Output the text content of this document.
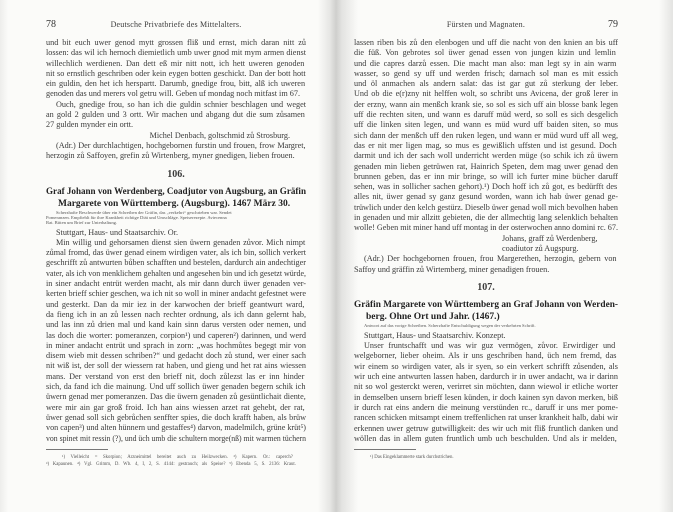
78	Deutsche Privatbriefe des Mittelalters.
und bit euch uwer genod mytt grossen fliß und ernst, mich daran nitt zů
lossen: das wil ich hernoch diemietlich umb uwer gnod mit mym armen dienst
willechlich werdienen. Dan dett eß mir nitt nott, ich hett uweren genoden
nit so ernstlich geschriben oder kein eygen botten geschickt. Dan der bott hott
ein guldin, den het ich herspartt. Darumb, gnedige frou, bitt, alß ich uweren
genoden das und merers vol getru will. Geben uf mondag noch mitfast im 67.
Ouch, gnedige frou, so han ich die guldin schnier beschlagen und weget
an gold 2 gulden und 3 ortt. Wir machen und abgang dut die sum zůsamen
27 gulden mynder ein ortt.
Michel Denbach, goltschmid zů Strosburg.
(Adr.) Der durchlachtigen, hochgebornen furstin und frouen, frow Margret,
herzogin zů Saffoyen, grefin zů Wirtenberg, myner gnedigen, lieben frouen.
106.
Graf Johann von Werdenberg, Coadjutor von Augsburg, an Gräfin
Margarete von Württemberg. (Augsburg). 1467 März 30.
Scherzhafte Beschwerde über ein Schreiben der Gräfin, das „verkehrt“ geschrieben war. Sendet
Pomeranzen. Empfiehlt für ihre Krankheit richtige Diät und Umschläge. Speiserezepte. Aviecenna
Rat. Bitten um Brief zur Unterhaltung.
Stuttgart, Haus- und Staatsarchiv. Or.
Min willig und gehorsamen dienst sien üwern genaden zůvor. Mich nimpt
zůmal fromd, das üwer genad einem wirdigen vater, als ich bin, sollich verkert
geschrifft zů antwurten bůben schafften und bestelen, dardurch ain andechtiger
vater, als ich von menklichem gehalten und angesehen bin und ich gesetzt würde,
in siner andacht entrüt werden macht, als mir dann durch üwer genaden ver-
kerten brieff schier geschen, wa ich nit so woll in miner andacht gefestnet were
und gesterkt. Dan da mir iez in der karwochen der brieff geantwurt ward,
da fieng ich in an zů lessen nach rechter ordnung, als ich dann gelernt hab,
und las inn zů drien mal und kand kain sinn darus versten oder nemen, und
las doch die worter: pomeranzen, corpion¹) und caperen²) darinnen, und werd
in miner andacht entrüt und sprach in zorn: „was hochmůtes begegt mir von
disem wieb mit dessen schriben?“ und gedacht doch zů stund, wer einer sach
nit wiß ist, der soll der wiessern rat haben, und gieng und het rat ains wiessen
mans. Der verstand von erst den brieff nit, doch zůlezst las er inn hinder
sich, da fand ich die mainung. Und uff sollich üwer genaden begern schik ich
üwern genad mer pomeranzen. Das die üwern genaden zů gesüntlichait diente,
were mir ain gar groß froid. Ich han ains wiessen arzet rat gehebt, der rat,
üwer genad soll sich gebrůchen senffter spies, die doch krafft haben, als brüw
von capen³) und alten hünnern und gestaffes⁴) darvon, madelmilch, grüne krüt⁵)
von spinet mit ressin (?), und üch umb die schultern morge(nß) mit warmen tüchern
¹) Vielleicht = Skorpion; Arzneimittel bereitet auch zu Heilzwecken. ²) Kapern. Or.: caperch?
³) Kapaunen. ⁴) Vgl. Grimm, D. Wb. 4, I, 2, S. 4144: gestrauch; als Speise? ⁵) Ebenda 5, S. 2136: Kraut.
79
Fürsten und Magnaten.
lassen riben bis zů den elenbogen und uff die nacht von den knien an bis uff
die füß. Von gebrotes sol üwer genad essen von jungen kizin und lemlin
und die capres darzů essen. Die macht man also: man legt sy in ain warm
wasser, so gend sy uff und werden frisch; darnach sol man es mit essich
und öl anmachen als andern salat: das ist gar gut zů sterkung der leber.
Und ob die e(r)zny nit helffen wolt, so schribt uns Avicena, der groß lerer in
der erzny, wann ain menßch krank sie, so sol es sich uff ain blosse bank legen
uff die rechten siten, und wann es daruff müd werd, so soll es sich desgelich
uff die linken siten legen, und wann es müd wurd uff baiden siten, so mus
sich dann der menßch uff den ruken legen, und wann er müd wurd uff all weg,
das er nit mer ligen mag, so mus es gewißlich uffsten und ist gesund. Doch
darmit und ich der sach woll underricht werden müge (so schik ich zů üwern
genaden min lieben getrüwen rat, Hainrich Speten, dem mag uwer genad den
brunnen geben, das er inn mir bringe, so will ich furter mine bücher daruff
sehen, was in sollicher sachen gehort).¹) Doch hoff ich zů got, es bedürfft des
alles nit, üwer genad sy ganz gesund worden, wann ich hab üwer genad ge-
trüwlich under den kelch gestürz. Dieselb üwer genad woll mich bevolhen haben
in genaden und mir allzitt gebieten, die der allmechtig lang selenklich behalten
wolle! Geben mit miner hand uff montag in der osterwochen anno domini rc. 67.
Johans, graff zů Werdenberg,
coadiutor zů Augspurg.
(Adr.) Der hochgebornen frouen, frou Margerethen, herzogin, gebern von
Saffoy und gräffin zů Wirtemberg, miner genadigen frouen.
107.
Gräfin Margarete von Württemberg an Graf Johann von Werden-
berg. Ohne Ort und Jahr. (1467.)
Antwort auf das vorige Schreiben. Scherzhafte Entschuldigung wegen der verkehrten Schrift.
Stuttgart, Haus- und Staatsarchiv. Konzept.
Unser fruntschafft und was wir guz vermögen, zůvor. Erwirdiger und
welgeborner, lieber oheim. Als ir uns geschriben hand, üch nem fremd, das
wir einem so wirdigen vater, als ir syen, so ein verkert schrifft zůsenden, als
wir uch eine antwurten lassen haben, dardurch ir in uwer andacht, wa ir darinn
nit so wol gesterckt weren, verirret sin möchten, dann wiewol ir etliche worter
in demselben unsern brieff lesen künden, ir doch kainen syn davon merken, biß
ir durch rat eins andern die meinung verstünden rc., daruff ir uns mer pome-
rancen schicken mitsampt einem treffenlichen rat unser krankheit halb, dabi wir
erkennen uwer getruw gutwilligkeit: des wir uch mit fliß fruntlich danken und
wöllen das in allem guten fruntlich umb uch beschulden. Und als ir melden,
¹) Das Eingeklammerte stark durchstrichen.
